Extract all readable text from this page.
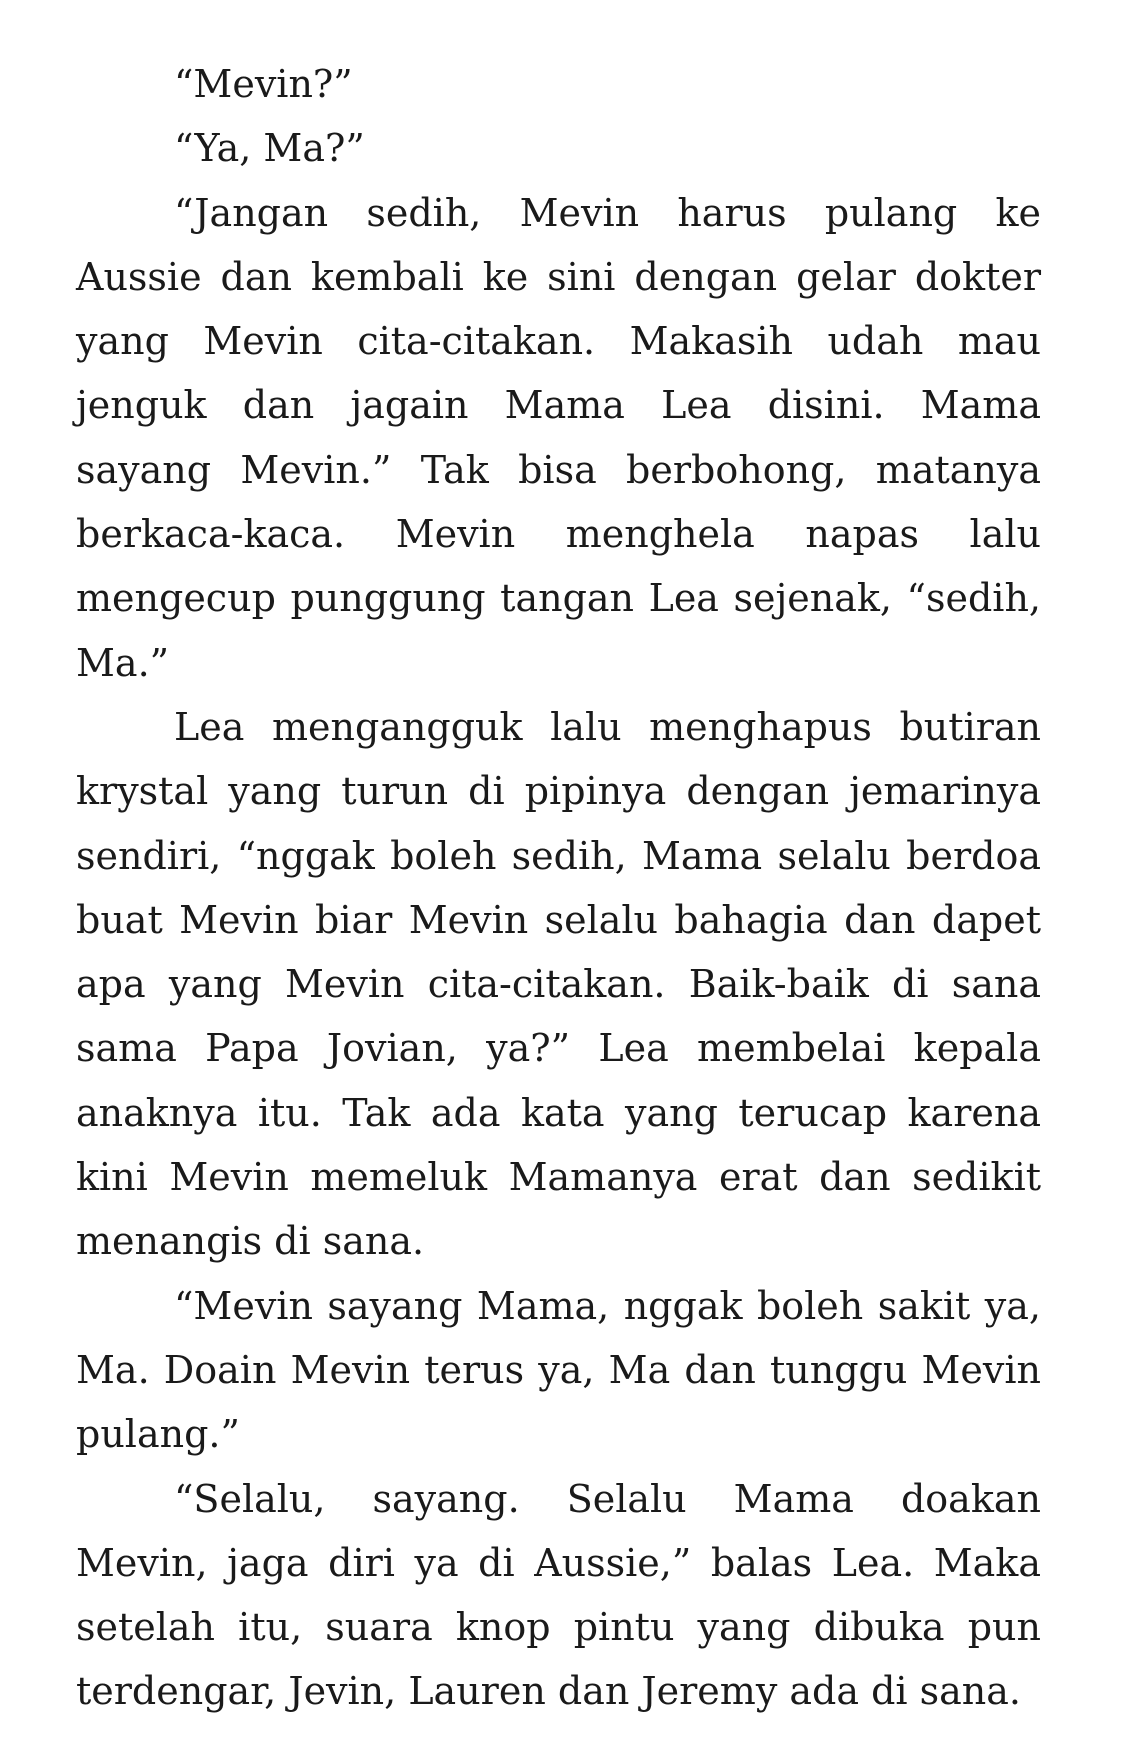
“Mevin?”

“Ya, Ma?”

“Jangan sedih, Mevin harus pulang ke Aussie dan kembali ke sini dengan gelar dokter yang Mevin cita-citakan. Makasih udah mau jenguk dan jagain Mama Lea disini. Mama sayang Mevin.” Tak bisa berbohong, matanya berkaca-kaca. Mevin menghela napas lalu mengecup punggung tangan Lea sejenak, “sedih, Ma.”

Lea mengangguk lalu menghapus butiran krystal yang turun di pipinya dengan jemarinya sendiri, “nggak boleh sedih, Mama selalu berdoa buat Mevin biar Mevin selalu bahagia dan dapet apa yang Mevin cita-citakan. Baik-baik di sana sama Papa Jovian, ya?” Lea membelai kepala anaknya itu. Tak ada kata yang terucap karena kini Mevin memeluk Mamanya erat dan sedikit menangis di sana.

“Mevin sayang Mama, nggak boleh sakit ya, Ma. Doain Mevin terus ya, Ma dan tunggu Mevin pulang.”

“Selalu, sayang. Selalu Mama doakan Mevin, jaga diri ya di Aussie,” balas Lea. Maka setelah itu, suara knop pintu yang dibuka pun terdengar, Jevin, Lauren dan Jeremy ada di sana.
